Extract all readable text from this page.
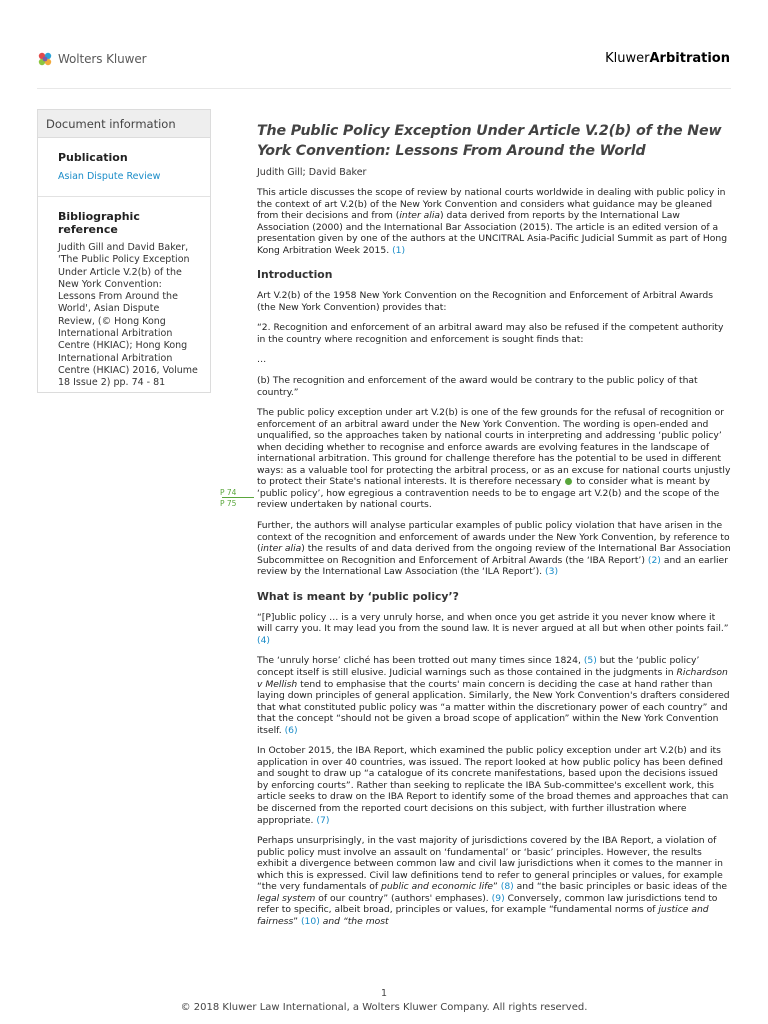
Wolters Kluwer	KluwerArbitration
Document information
Publication
Asian Dispute Review
Bibliographic reference
Judith Gill and David Baker, 'The Public Policy Exception Under Article V.2(b) of the New York Convention: Lessons From Around the World', Asian Dispute Review, (© Hong Kong International Arbitration Centre (HKIAC); Hong Kong International Arbitration Centre (HKIAC) 2016, Volume 18 Issue 2) pp. 74 - 81
P 74
P 75
The Public Policy Exception Under Article V.2(b) of the New York Convention: Lessons From Around the World
Judith Gill; David Baker
This article discusses the scope of review by national courts worldwide in dealing with public policy in the context of art V.2(b) of the New York Convention and considers what guidance may be gleaned from their decisions and from (inter alia) data derived from reports by the International Law Association (2000) and the International Bar Association (2015). The article is an edited version of a presentation given by one of the authors at the UNCITRAL Asia-Pacific Judicial Summit as part of Hong Kong Arbitration Week 2015. (1)
Introduction
Art V.2(b) of the 1958 New York Convention on the Recognition and Enforcement of Arbitral Awards (the New York Convention) provides that:
“2. Recognition and enforcement of an arbitral award may also be refused if the competent authority in the country where recognition and enforcement is sought finds that:
…
(b) The recognition and enforcement of the award would be contrary to the public policy of that country.”
The public policy exception under art V.2(b) is one of the few grounds for the refusal of recognition or enforcement of an arbitral award under the New York Convention. The wording is open-ended and unqualified, so the approaches taken by national courts in interpreting and addressing ‘public policy’ when deciding whether to recognise and enforce awards are evolving features in the landscape of international arbitration. This ground for challenge therefore has the potential to be used in different ways: as a valuable tool for protecting the arbitral process, or as an excuse for national courts unjustly to protect their State's national interests. It is therefore necessary to consider what is meant by ‘public policy’, how egregious a contravention needs to be to engage art V.2(b) and the scope of the review undertaken by national courts.
Further, the authors will analyse particular examples of public policy violation that have arisen in the context of the recognition and enforcement of awards under the New York Convention, by reference to (inter alia) the results of and data derived from the ongoing review of the International Bar Association Subcommittee on Recognition and Enforcement of Arbitral Awards (the ‘IBA Report’) (2) and an earlier review by the International Law Association (the ‘ILA Report’). (3)
What is meant by ‘public policy’?
“[P]ublic policy … is a very unruly horse, and when once you get astride it you never know where it will carry you. It may lead you from the sound law. It is never argued at all but when other points fail.” (4)
The ‘unruly horse’ cliché has been trotted out many times since 1824, (5) but the ‘public policy’ concept itself is still elusive. Judicial warnings such as those contained in the judgments in Richardson v Mellish tend to emphasise that the courts' main concern is deciding the case at hand rather than laying down principles of general application. Similarly, the New York Convention's drafters considered that what constituted public policy was “a matter within the discretionary power of each country” and that the concept “should not be given a broad scope of application” within the New York Convention itself. (6)
In October 2015, the IBA Report, which examined the public policy exception under art V.2(b) and its application in over 40 countries, was issued. The report looked at how public policy has been defined and sought to draw up “a catalogue of its concrete manifestations, based upon the decisions issued by enforcing courts”. Rather than seeking to replicate the IBA Sub-committee's excellent work, this article seeks to draw on the IBA Report to identify some of the broad themes and approaches that can be discerned from the reported court decisions on this subject, with further illustration where appropriate. (7)
Perhaps unsurprisingly, in the vast majority of jurisdictions covered by the IBA Report, a violation of public policy must involve an assault on ‘fundamental’ or ‘basic’ principles. However, the results exhibit a divergence between common law and civil law jurisdictions when it comes to the manner in which this is expressed. Civil law definitions tend to refer to general principles or values, for example “the very fundamentals of public and economic life” (8) and “the basic principles or basic ideas of the legal system of our country” (authors' emphases). (9) Conversely, common law jurisdictions tend to refer to specific, albeit broad, principles or values, for example “fundamental norms of justice and fairness” (10) and “the most
1
© 2018 Kluwer Law International, a Wolters Kluwer Company. All rights reserved.
